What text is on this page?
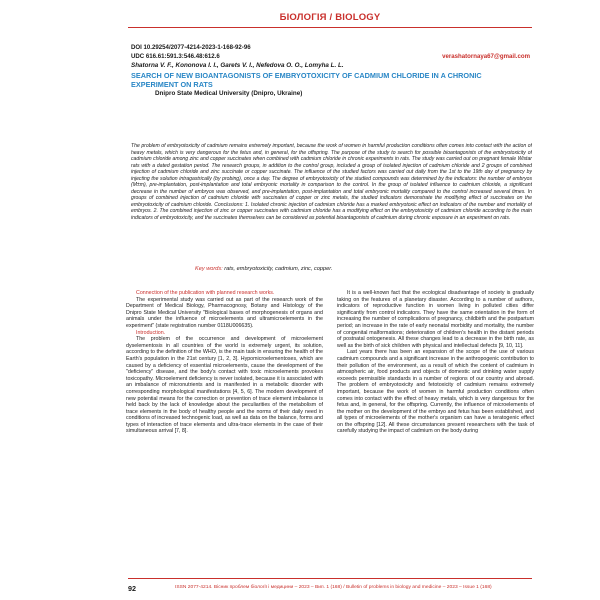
БІОЛОГІЯ / BIOLOGY
DOI 10.29254/2077-4214-2023-1-168-92-96
UDC 616.61:591.3:546.48:612.6	verashatornaya67@gmail.com
Shatorna V. F., Kononova I. I., Garets V. I., Nefedova O. O., Lomyha L. L.
SEARCH OF NEW BIOANTAGONISTS OF EMBRYOTOXICITY OF CADMIUM CHLORIDE IN A CHRONIC EXPERIMENT ON RATS
Dnipro State Medical University (Dnipro, Ukraine)

The problem of embryotoxicity of cadmium remains extremely important, because the work of women in harmful production conditions often comes into contact with the action of heavy metals, which is very dangerous for the fetus and, in general, for the offspring. The purpose of the study to search for possible bioantagonists of the embryotoxicity of cadmium chloride among zinc and copper succinates when combined with cadmium chloride in chronic experiments in rats. The study was carried out on pregnant female Wistar rats with a dated gestation period. The research groups, in addition to the control group, included a group of isolated injection of cadmium chloride and 2 groups of combined injection of cadmium chloride and zinc succinate or copper succinate. The influence of the studied factors was carried out daily from the 1st to the 19th day of pregnancy by injecting the solution intragastrically (by probing), once a day. The degree of embryotoxicity of the studied compounds was determined by the indicators: the number of embryos (M±m), pre-implantation, post-implantation and total embryonic mortality in comparison to the control. In the group of isolated influence to cadmium chloride, a significant decrease in the number of embryos was observed, and pre-implantation, post-implantation and total embryonic mortality compared to the control increased several times. In groups of combined injection of cadmium chloride with succinates of copper or zinc metals, the studied indicators demonstrate the modifying effect of succinates on the embryotoxicity of cadmium chloride. Conclusions: 1. Isolated chronic injection of cadmium chloride has a marked embryotoxic effect on indicators of the number and mortality of embryos. 2. The combined injection of zinc or copper succinates with cadmium chloride has a modifying effect on the embryotoxicity of cadmium chloride according to the main indicators of embryotoxicity, and the succinates themselves can be considered as potential bioantagonists of cadmium during chronic exposure in an experiment on rats.

Key words: rats, embryotoxicity, cadmium, zinc, copper.

Connection of the publication with planned research works.

The experimental study was carried out as part of the research work of the Department of Medical Biology, Pharmacognosy, Botany and Histology of the Dnipro State Medical University "Biological bases of morphogenesis of organs and animals under the influence of microelements and ultramicroelements in the experiment" (state registration number 0118U006635).

Introduction.

The problem of the occurrence and development of microelement dyselementosis in all countries of the world is extremely urgent, its solution, according to the definition of the WHO, is the main task in ensuring the health of the Earth's population in the 21st century [1, 2, 3]. Hypomicroelementoses, which are caused by a deficiency of essential microelements, cause the development of the "deficiency" disease, and the body's contact with toxic microelements provokes toxicopathy. Microelement deficiency is never isolated, because it is associated with an imbalance of micronutrients and is manifested in a metabolic disorder with corresponding morphological manifestations [4, 5, 6]. The modern development of new potential means for the correction or prevention of trace element imbalance is held back by the lack of knowledge about the peculiarities of the metabolism of trace elements in the body of healthy people and the norms of their daily need in conditions of increased technogenic load, as well as data on the balance, forms and types of interaction of trace elements and ultra-trace elements in the case of their simultaneous arrival [7, 8].

It is a well-known fact that the ecological disadvantage of society is gradually taking on the features of a planetary disaster. According to a number of authors, indicators of reproductive function in women living in polluted cities differ significantly from control indicators. They have the same orientation in the form of increasing the number of complications of pregnancy, childbirth and the postpartum period; an increase in the rate of early neonatal morbidity and mortality, the number of congenital malformations; deterioration of children's health in the distant periods of postnatal ontogenesis. All these changes lead to a decrease in the birth rate, as well as the birth of sick children with physical and intellectual defects [9, 10, 11].

Last years there has been an expansion of the scope of the use of various cadmium compounds and a significant increase in the anthropogenic contribution to their pollution of the environment, as a result of which the content of cadmium in atmospheric air, food products and objects of domestic and drinking water supply exceeds permissible standards in a number of regions of our country and abroad. The problem of embryotoxicity and fetotoxicity of cadmium remains extremely important, because the work of women in harmful production conditions often comes into contact with the effect of heavy metals, which is very dangerous for the fetus and, in general, for the offspring. Currently, the influence of microelements of the mother on the development of the embryo and fetus has been established, and all types of microelements of the mother's organism can have a teratogenic effect on the offspring [12]. All these circumstances present researchers with the task of carefully studying the impact of cadmium on the body during

92	ISSN 2077-4214. Вісник проблем біології і медицини – 2023 – Вип. 1 (168) / Bulletin of problems in biology and medicine – 2023 – Issue 1 (168)
